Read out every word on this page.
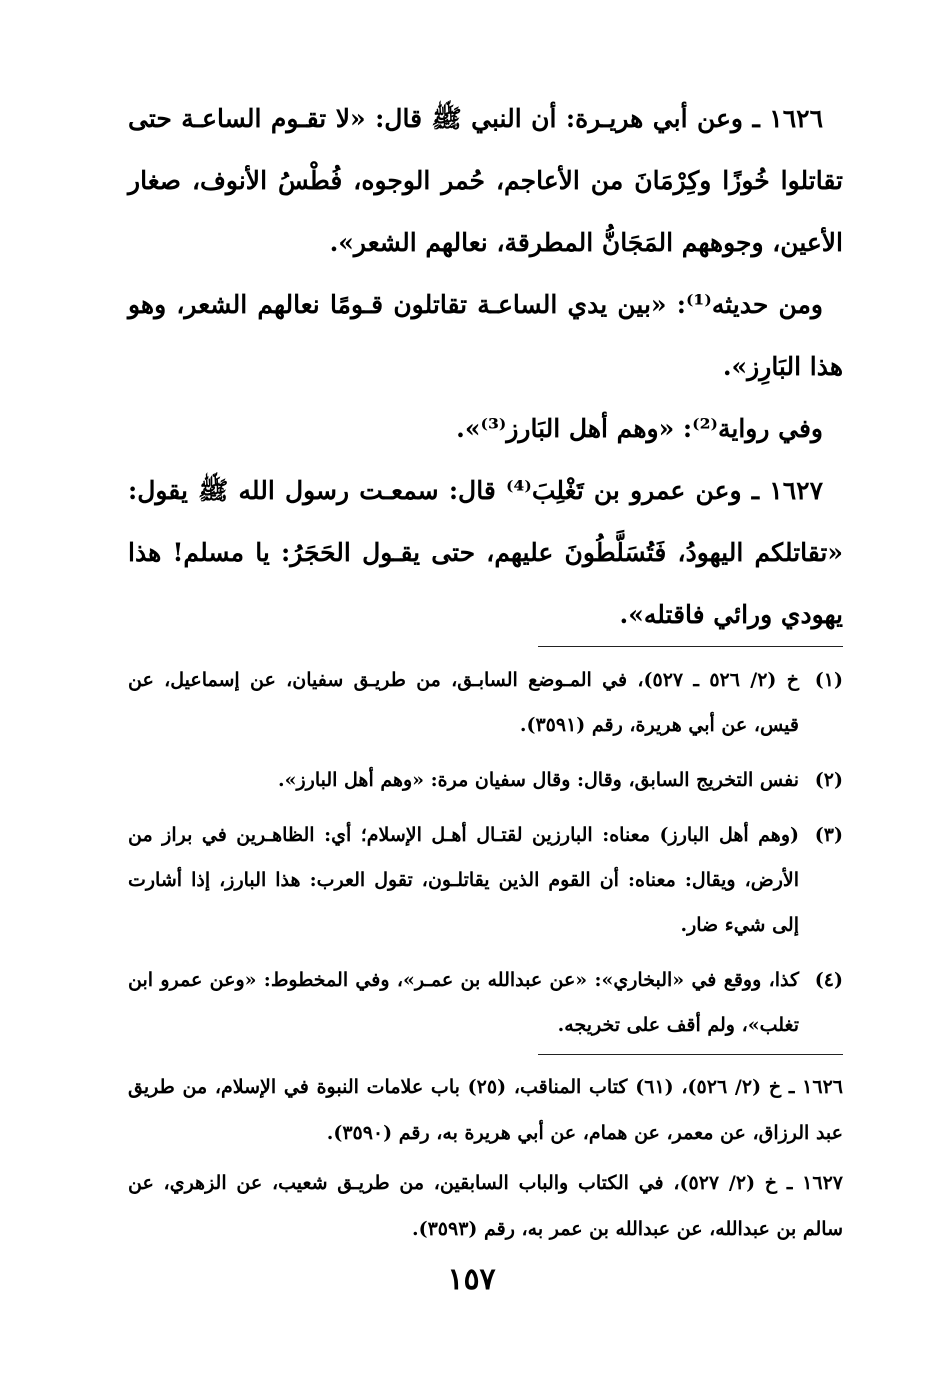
١٦٢٦ ـ وعن أبي هريـرة: أن النبي ﷺ قال: «لا تقـوم الساعـة حتى تقاتلوا خُوزًا وكِرْمَانَ من الأعاجم، حُمر الوجوه، فُطْسُ الأنوف، صغار الأعين، وجوههم المَجَانُّ المطرقة، نعالهم الشعر».

ومن حديثه⁽¹⁾: «بين يدي الساعـة تقاتلون قـومًا نعالهم الشعر، وهو هذا البَارِز».

وفي رواية⁽²⁾: «وهم أهل البَارز⁽³⁾».

١٦٢٧ ـ وعن عمرو بن تَغْلِبَ⁽⁴⁾ قال: سمعـت رسول الله ﷺ يقول: «تقاتلكم اليهودُ، فَتُسَلَّطُونَ عليهم، حتى يقـول الحَجَرُ: يا مسلم! هذا يهودي ورائي فاقتله».

(١)
خ (٢/ ٥٢٦ ـ ٥٢٧)، في المـوضع السابـق، من طريـق سفيان، عن إسماعيل، عن قيس، عن أبي هريرة، رقم (٣٥٩١).
(٢)
نفس التخريج السابق، وقال: وقال سفيان مرة: «وهم أهل البارز».
(٣)
(وهم أهل البارز) معناه: البارزين لقتـال أهـل الإسلام؛ أي: الظاهـرين في براز من الأرض، ويقال: معناه: أن القوم الذين يقاتلـون، تقول العرب: هذا البارز، إذا أشارت إلى شيء ضار.
(٤)
كذا، ووقع في «البخاري»: «عن عبدالله بن عمـر»، وفي المخطوط: «وعن عمرو ابن تغلب»، ولم أقف على تخريجه.

١٦٢٦ ـ خ (٢/ ٥٢٦)، (٦١) كتاب المناقب، (٢٥) باب علامات النبوة في الإسلام، من طريق عبد الرزاق، عن معمر، عن همام، عن أبي هريرة به، رقم (٣٥٩٠).

١٦٢٧ ـ خ (٢/ ٥٢٧)، في الكتاب والباب السابقين، من طريـق شعيب، عن الزهري، عن سالم بن عبدالله، عن عبدالله بن عمر به، رقم (٣٥٩٣).

١٥٧
